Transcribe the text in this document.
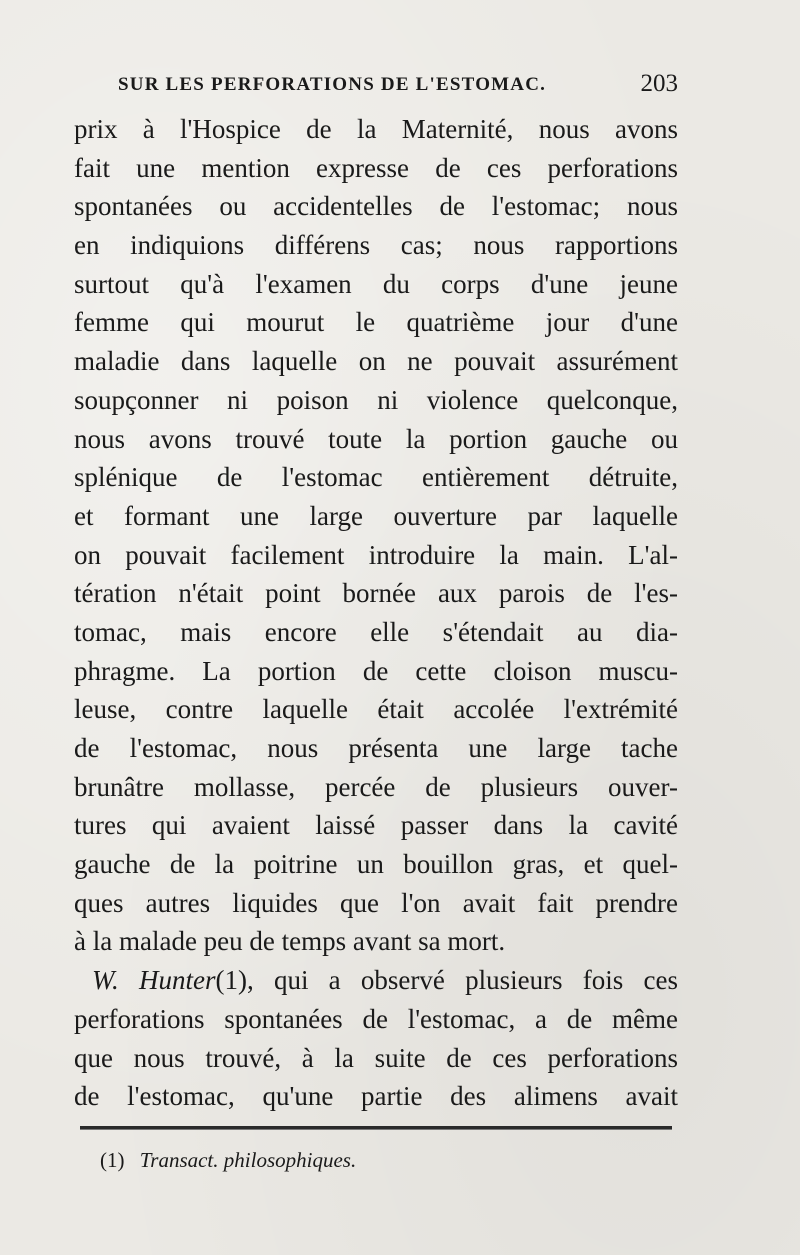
SUR LES PERFORATIONS DE L'ESTOMAC.	203
prix à l'Hospice de la Maternité, nous avons
fait une mention expresse de ces perforations
spontanées ou accidentelles de l'estomac; nous
en indiquions différens cas; nous rapportions
surtout qu'à l'examen du corps d'une jeune
femme qui mourut le quatrième jour d'une
maladie dans laquelle on ne pouvait assurément
soupçonner ni poison ni violence quelconque,
nous avons trouvé toute la portion gauche ou
splénique de l'estomac entièrement détruite,
et formant une large ouverture par laquelle
on pouvait facilement introduire la main. L'al-
tération n'était point bornée aux parois de l'es-
tomac, mais encore elle s'étendait au dia-
phragme. La portion de cette cloison muscu-
leuse, contre laquelle était accolée l'extrémité
de l'estomac, nous présenta une large tache
brunâtre mollasse, percée de plusieurs ouver-
tures qui avaient laissé passer dans la cavité
gauche de la poitrine un bouillon gras, et quel-
ques autres liquides que l'on avait fait prendre
à la malade peu de temps avant sa mort.
W. Hunter(1), qui a observé plusieurs fois ces
perforations spontanées de l'estomac, a de même
que nous trouvé, à la suite de ces perforations
de l'estomac, qu'une partie des alimens avait
(1) Transact. philosophiques.
